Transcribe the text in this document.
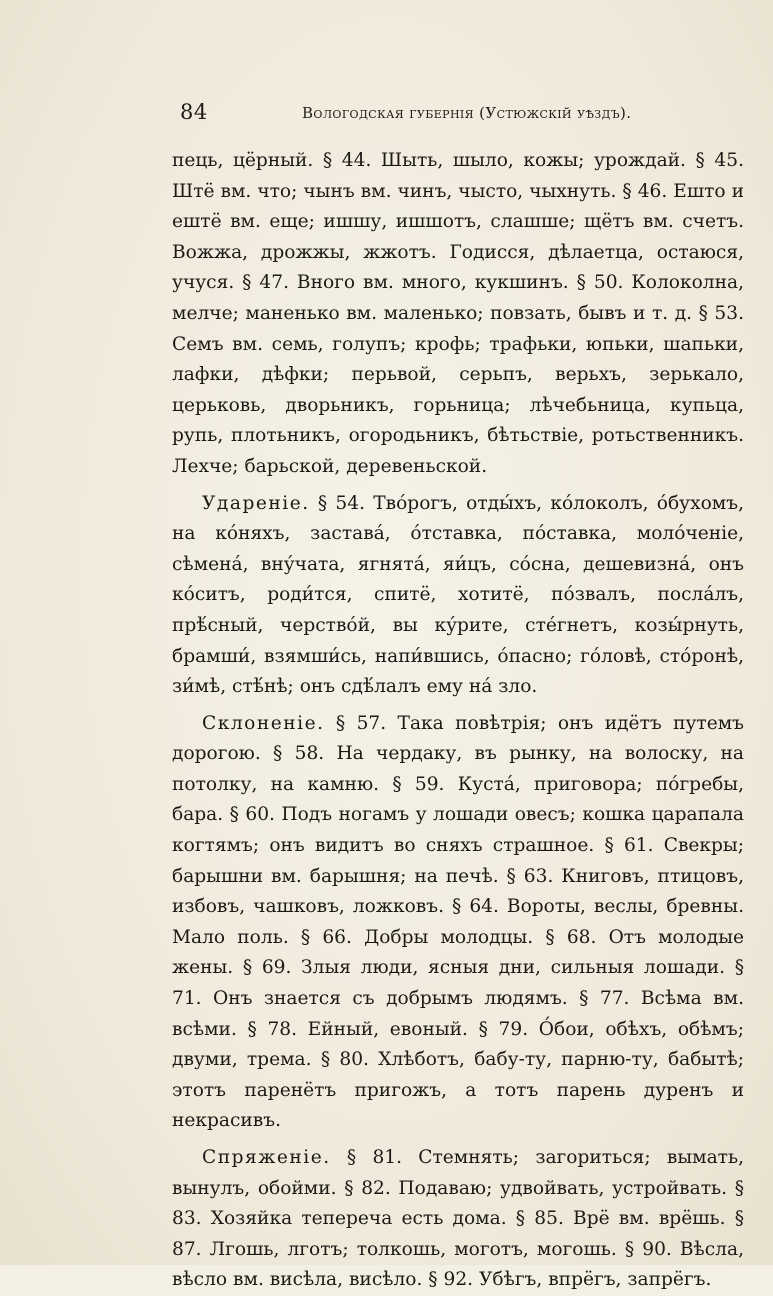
84	Вологодская губернія (Устюжскій уѣздъ).

пець, цёрный. § 44. Шыть, шыло, кожы; урождай. § 45. Штё вм. что; чынъ вм. чинъ, чысто, чыхнуть. § 46. Ешто и ештё вм. еще; ишшу, ишшотъ, слашше; щётъ вм. счетъ. Вожжа, дрожжы, жжотъ. Годисся, дѣлаетца, остаюся, учуся. § 47. Вного вм. много, кукшинъ. § 50. Колоколна, мелче; маненько вм. маленько; повзать, бывъ и т. д. § 53. Семъ вм. семь, голупъ; крофь; трафьки, юпьки, шапьки, лафки, дѣфки; перьвой, серьпъ, верьхъ, зерькало, церьковь, дворьникъ, горьница; лѣчебьница, купьца, рупь, плотьникъ, огородьникъ, бѣтьствіе, ротьственникъ. Лехче; барьской, деревеньской.

Удареніе. § 54. Тво́рогъ, отды́хъ, ко́локолъ, о́бухомъ, на ко́няхъ, застава́, о́тставка, по́ставка, моло́ченіе, сѣмена́, вну́чата, ягнята́, яи́цъ, со́сна, дешевизна́, онъ ко́ситъ, роди́тся, спитё, хотитё, по́звалъ, посла́лъ, прѣ́сный, черство́й, вы ку́рите, сте́гнетъ, козы́рнуть, брамши́, взямши́сь, напи́вшись, о́пасно; го́ловѣ, сто́ронѣ, зи́мѣ, стѣ́нѣ; онъ сдѣ́лалъ ему на́ зло.

Склоненіе. § 57. Така повѣтрія; онъ идётъ путемъ дорогою. § 58. На чердаку, въ рынку, на волоску, на потолку, на камню. § 59. Куста́, приговора; по́гребы, бара. § 60. Подъ ногамъ у лошади овесъ; кошка царапала когтямъ; онъ видитъ во сняхъ страшное. § 61. Свекры; барышни вм. барышня; на печѣ. § 63. Книговъ, птицовъ, избовъ, чашковъ, ложковъ. § 64. Вороты, веслы, бревны. Мало поль. § 66. Добры молодцы. § 68. Отъ молодые жены. § 69. Злыя люди, ясныя дни, сильныя лошади. § 71. Онъ знается съ добрымъ людямъ. § 77. Всѣма вм. всѣми. § 78. Ейный, евоный. § 79. О́бои, обѣхъ, обѣмъ; двуми, трема. § 80. Хлѣботъ, бабу-ту, парню-ту, бабытѣ; этотъ паренётъ пригожъ, а тотъ парень дуренъ и некрасивъ.

Спряженіе. § 81. Стемнять; загориться; вымать, вынулъ, обойми. § 82. Подаваю; удвойвать, устройвать. § 83. Хозяйка тепереча есть дома. § 85. Врё вм. врёшь. § 87. Лгошь, лготъ; толкошь, моготъ, могошь. § 90. Вѣсла, вѣсло вм. висѣла, висѣло. § 92. Убѣгъ, впрёгъ, запрёгъ.
